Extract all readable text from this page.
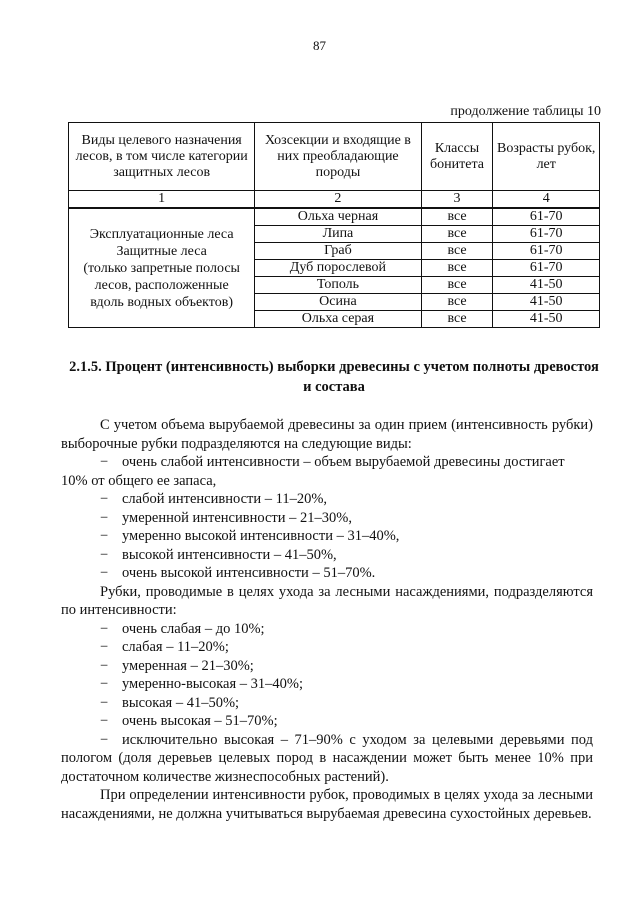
87
продолжение таблицы 10
Виды целевого назначения лесов, в том числе категории защитных лесов	Хозсекции и входящие в них преобладающие породы	Классы бонитета	Возрасты рубок, лет
1	2	3	4

Эксплуатационные леса
Защитные леса
(только запретные полосы
лесов, расположенные
вдоль водных объектов)	Ольха черная	все	61-70
	Липа	все	61-70
	Граб	все	61-70
	Дуб порослевой	все	61-70
	Тополь	все	41-50
	Осина	все	41-50
	Ольха серая	все	41-50
2.1.5. Процент (интенсивность) выборки древесины с учетом полноты древостоя и состава

С учетом объема вырубаемой древесины за один прием (интенсивность рубки) выборочные рубки подразделяются на следующие виды:

− очень слабой интенсивности – объем вырубаемой древесины достигает

10% от общего ее запаса,

− слабой интенсивности – 11–20%,

− умеренной интенсивности – 21–30%,

− умеренно высокой интенсивности – 31–40%,

− высокой интенсивности – 41–50%,

− очень высокой интенсивности – 51–70%.

Рубки, проводимые в целях ухода за лесными насаждениями, подразделяются по интенсивности:

− очень слабая – до 10%;

− слабая – 11–20%;

− умеренная – 21–30%;

− умеренно-высокая – 31–40%;

− высокая – 41–50%;

− очень высокая – 51–70%;

− исключительно высокая – 71–90% с уходом за целевыми деревьями под пологом (доля деревьев целевых пород в насаждении может быть менее 10% при достаточном количестве жизнеспособных растений).

При определении интенсивности рубок, проводимых в целях ухода за лесными насаждениями, не должна учитываться вырубаемая древесина сухостойных деревьев.
